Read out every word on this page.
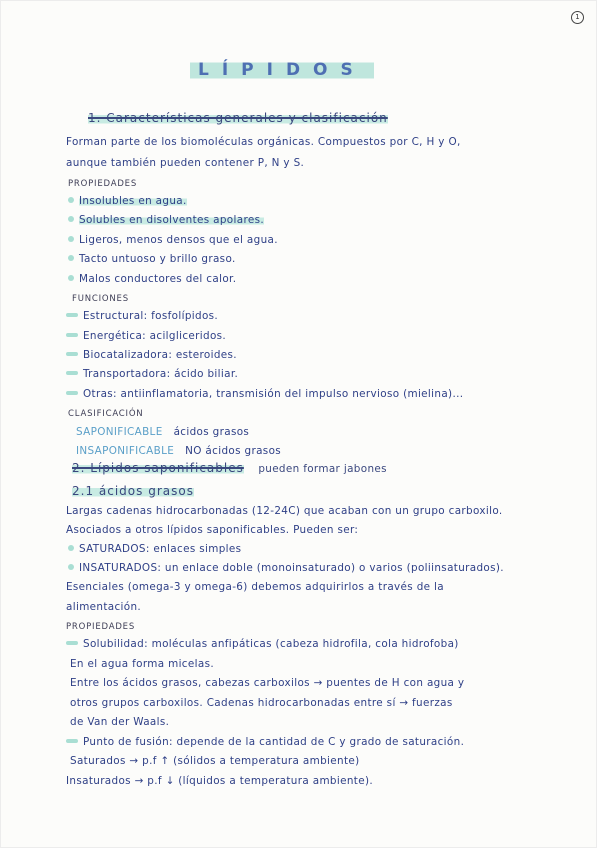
1
LÍPIDOS
1. Características generales y clasificación
Forman parte de los biomoléculas orgánicas. Compuestos por C, H y O,
aunque también pueden contener P, N y S.
PROPIEDADES
Insolubles en agua.
Solubles en disolventes apolares.
Ligeros, menos densos que el agua.
Tacto untuoso y brillo graso.
Malos conductores del calor.
FUNCIONES
Estructural: fosfolípidos.
Energética: acilgliceridos.
Biocatalizadora: esteroides.
Transportadora: ácido biliar.
Otras: antiinflamatoria, transmisión del impulso nervioso (mielina)...
CLASIFICACIÓN
SAPONIFICABLE ácidos grasos
INSAPONIFICABLE NO ácidos grasos
2. Lípidos saponificables pueden formar jabones
2.1 ácidos grasos
Largas cadenas hidrocarbonadas (12-24C) que acaban con un grupo carboxilo.
Asociados a otros lípidos saponificables. Pueden ser:
SATURADOS: enlaces simples
INSATURADOS: un enlace doble (monoinsaturado) o varios (poliinsaturados).
Esenciales (omega-3 y omega-6) debemos adquirirlos a través de la
alimentación.
PROPIEDADES
Solubilidad: moléculas anfipáticas (cabeza hidrofila, cola hidrofoba)
En el agua forma micelas.
Entre los ácidos grasos, cabezas carboxilos → puentes de H con agua y
otros grupos carboxilos. Cadenas hidrocarbonadas entre sí → fuerzas
de Van der Waals.
Punto de fusión: depende de la cantidad de C y grado de saturación.
Saturados → p.f ↑ (sólidos a temperatura ambiente)
Insaturados → p.f ↓ (líquidos a temperatura ambiente).
